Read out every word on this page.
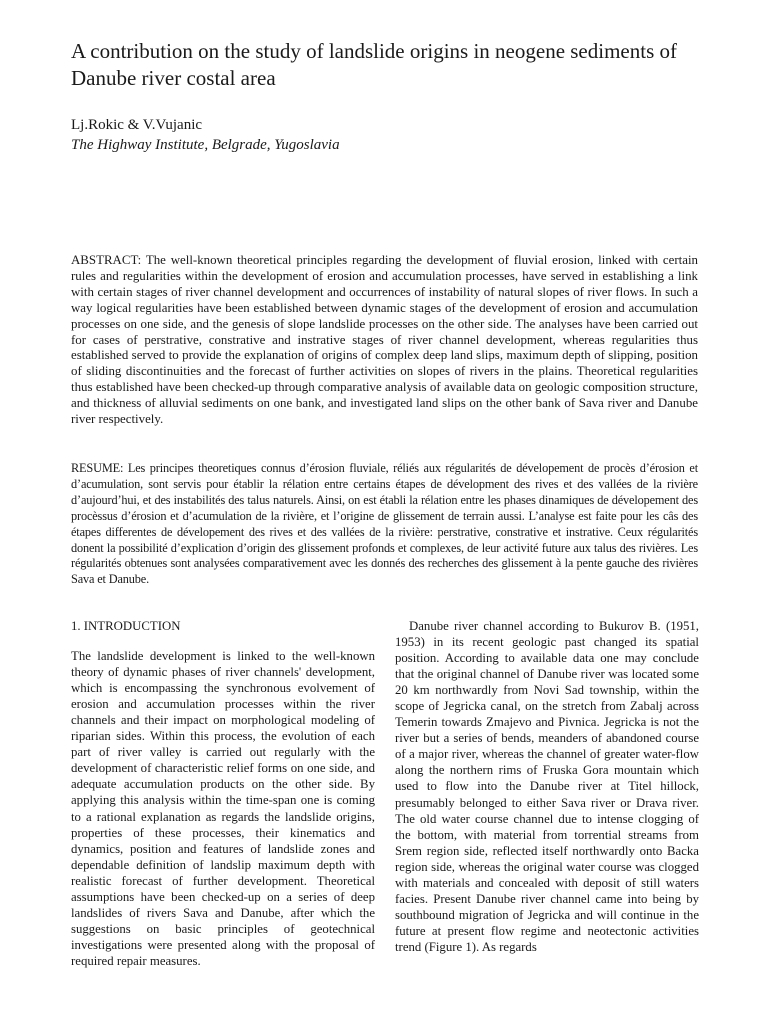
A contribution on the study of landslide origins in neogene sediments of Danube river costal area
Lj.Rokic & V.Vujanic
The Highway Institute, Belgrade, Yugoslavia

ABSTRACT: The well-known theoretical principles regarding the development of fluvial erosion, linked with certain rules and regularities within the development of erosion and accumulation processes, have served in establishing a link with certain stages of river channel development and occurrences of instability of natural slopes of river flows. In such a way logical regularities have been established between dynamic stages of the development of erosion and accumulation processes on one side, and the genesis of slope landslide processes on the other side. The analyses have been carried out for cases of perstrative, constrative and instrative stages of river channel development, whereas regularities thus established served to provide the explanation of origins of complex deep land slips, maximum depth of slipping, position of sliding discontinuities and the forecast of further activities on slopes of rivers in the plains. Theoretical regularities thus established have been checked-up through comparative analysis of available data on geologic composition structure, and thickness of alluvial sediments on one bank, and investigated land slips on the other bank of Sava river and Danube river respectively.

RESUME: Les principes theoretiques connus d’érosion fluviale, réliés aux régularités de dévelopement de procès d’érosion et d’acumulation, sont servis pour établir la rélation entre certains étapes de dévelopment des rives et des vallées de la rivière d’aujourd’hui, et des instabilités des talus naturels. Ainsi, on est établi la rélation entre les phases dinamiques de dévelopement des procèssus d’érosion et d’acumulation de la rivière, et l’origine de glissement de terrain aussi. L’analyse est faite pour les câs des étapes differentes de dévelopement des rives et des vallées de la rivière: perstrative, constrative et instrative. Ceux régularités donent la possibilité d’explication d’origin des glissement profonds et complexes, de leur activité future aux talus des rivières. Les régularités obtenues sont analysées comparativement avec les donnés des recherches des glissement à la pente gauche des rivières Sava et Danube.

1. INTRODUCTION

The landslide development is linked to the well-known theory of dynamic phases of river channels' development, which is encompassing the synchronous evolvement of erosion and accumulation processes within the river channels and their impact on morphological modeling of riparian sides. Within this process, the evolution of each part of river valley is carried out regularly with the development of characteristic relief forms on one side, and adequate accumulation products on the other side. By applying this analysis within the time-span one is coming to a rational explanation as regards the landslide origins, properties of these processes, their kinematics and dynamics, position and features of landslide zones and dependable definition of landslip maximum depth with realistic forecast of further development. Theoretical assumptions have been checked-up on a series of deep landslides of rivers Sava and Danube, after which the suggestions on basic principles of geotechnical investigations were presented along with the proposal of required repair measures.

Danube river channel according to Bukurov B. (1951, 1953) in its recent geologic past changed its spatial position. According to available data one may conclude that the original channel of Danube river was located some 20 km northwardly from Novi Sad township, within the scope of Jegricka canal, on the stretch from Zabalj across Temerin towards Zmajevo and Pivnica. Jegricka is not the river but a series of bends, meanders of abandoned course of a major river, whereas the channel of greater water-flow along the northern rims of Fruska Gora mountain which used to flow into the Danube river at Titel hillock, presumably belonged to either Sava river or Drava river. The old water course channel due to intense clogging of the bottom, with material from torrential streams from Srem region side, reflected itself northwardly onto Backa region side, whereas the original water course was clogged with materials and concealed with deposit of still waters facies. Present Danube river channel came into being by southbound migration of Jegricka and will continue in the future at present flow regime and neotectonic activities trend (Figure 1). As regards
